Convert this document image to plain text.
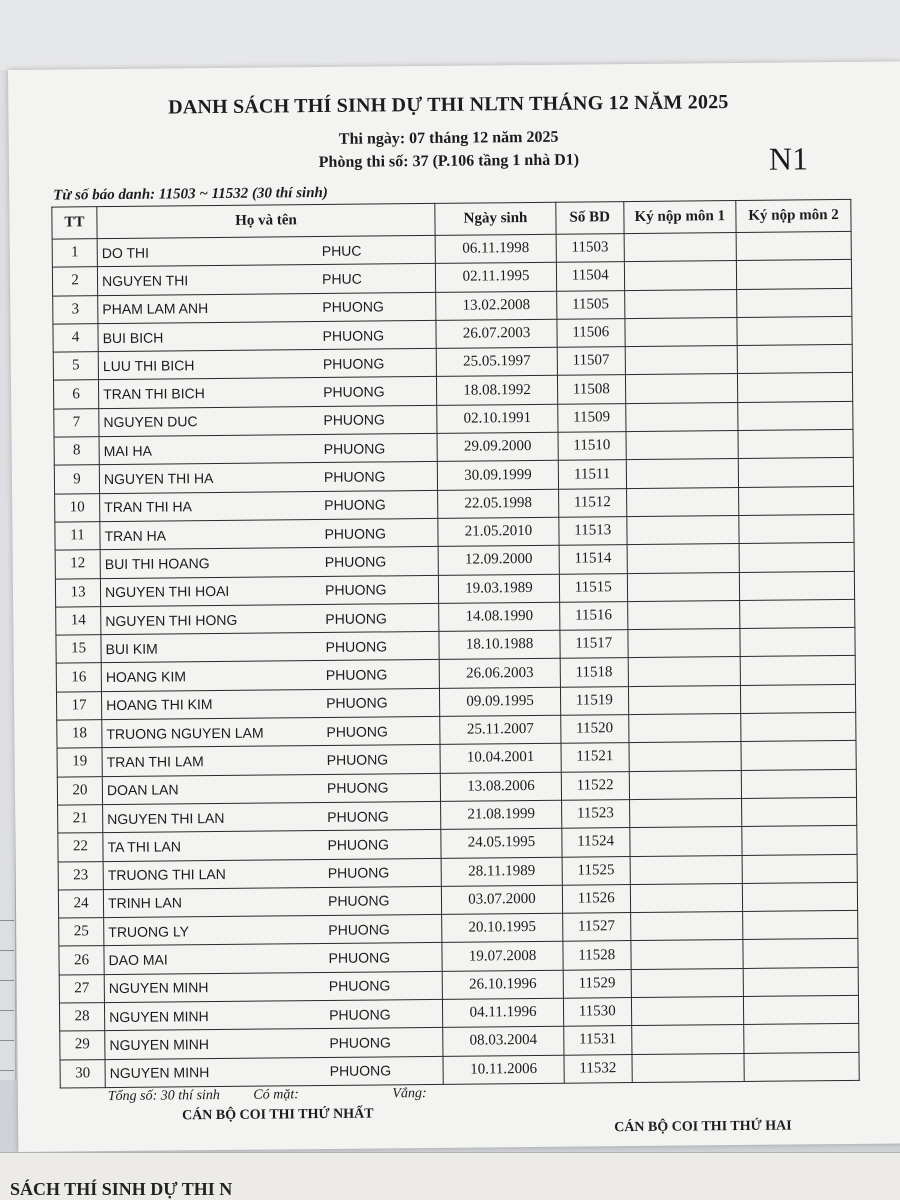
DANH SÁCH THÍ SINH DỰ THI NLTN THÁNG 12 NĂM 2025
Thi ngày: 07 tháng 12 năm 2025
Phòng thi số: 37 (P.106 tầng 1 nhà D1)	N1
Từ số báo danh: 11503 ~ 11532 (30 thí sinh)
TT	Họ và tên	Ngày sinh	Số BD	Ký nộp môn 1	Ký nộp môn 2
1	DO THI PHUC	06.11.1998	11503		
2	NGUYEN THI PHUC	02.11.1995	11504		
3	PHAM LAM ANH PHUONG	13.02.2008	11505		
4	BUI BICH PHUONG	26.07.2003	11506		
5	LUU THI BICH PHUONG	25.05.1997	11507		
6	TRAN THI BICH PHUONG	18.08.1992	11508		
7	NGUYEN DUC PHUONG	02.10.1991	11509		
8	MAI HA PHUONG	29.09.2000	11510		
9	NGUYEN THI HA PHUONG	30.09.1999	11511		
10	TRAN THI HA PHUONG	22.05.1998	11512		
11	TRAN HA PHUONG	21.05.2010	11513		
12	BUI THI HOANG PHUONG	12.09.2000	11514		
13	NGUYEN THI HOAI PHUONG	19.03.1989	11515		
14	NGUYEN THI HONG PHUONG	14.08.1990	11516		
15	BUI KIM PHUONG	18.10.1988	11517		
16	HOANG KIM PHUONG	26.06.2003	11518		
17	HOANG THI KIM PHUONG	09.09.1995	11519		
18	TRUONG NGUYEN LAM PHUONG	25.11.2007	11520		
19	TRAN THI LAM PHUONG	10.04.2001	11521		
20	DOAN LAN PHUONG	13.08.2006	11522		
21	NGUYEN THI LAN PHUONG	21.08.1999	11523		
22	TA THI LAN PHUONG	24.05.1995	11524		
23	TRUONG THI LAN PHUONG	28.11.1989	11525		
24	TRINH LAN PHUONG	03.07.2000	11526		
25	TRUONG LY PHUONG	20.10.1995	11527		
26	DAO MAI PHUONG	19.07.2008	11528		
27	NGUYEN MINH PHUONG	26.10.1996	11529		
28	NGUYEN MINH PHUONG	04.11.1996	11530		
29	NGUYEN MINH PHUONG	08.03.2004	11531		
30	NGUYEN MINH PHUONG	10.11.2006	11532		
Tổng số: 30 thí sinh Có mặt:	Vắng:
CÁN BỘ COI THI THỨ NHẤT
CÁN BỘ COI THI THỨ HAI
SÁCH THÍ SINH DỰ THI N
